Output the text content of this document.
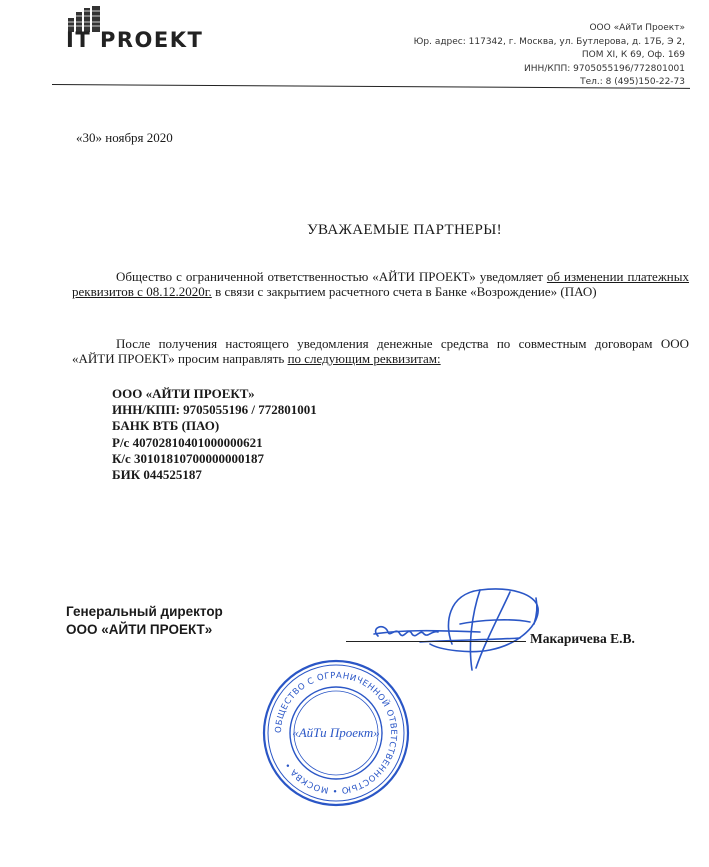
IT PROEKT	ООО «АйТи Проект»
Юр. адрес: 117342, г. Москва, ул. Бутлерова, д. 17Б, Э 2,
ПОМ XI, К 69, Оф. 169
ИНН/КПП: 9705055196/772801001
Тел.: 8 (495)150-22-73
«30» ноября 2020
УВАЖАЕМЫЕ ПАРТНЕРЫ!
Общество с ограниченной ответственностью «АЙТИ ПРОЕКТ» уведомляет об изменении платежных реквизитов с 08.12.2020г. в связи с закрытием расчетного счета в Банке «Возрождение» (ПАО)
После получения настоящего уведомления денежные средства по совместным договорам ООО «АЙТИ ПРОЕКТ» просим направлять по следующим реквизитам:
ООО «АЙТИ ПРОЕКТ»
ИНН/КПП: 9705055196 / 772801001
БАНК ВТБ (ПАО)
Р/с 40702810401000000621
К/с 30101810700000000187
БИК 044525187
Генеральный директор
ООО «АЙТИ ПРОЕКТ»
Макаричева Е.В.
ОБЩЕСТВО С ОГРАНИЧЕННОЙ ОТВЕТСТВЕННОСТЬЮ • МОСКВА •
«АйТи Проект»
